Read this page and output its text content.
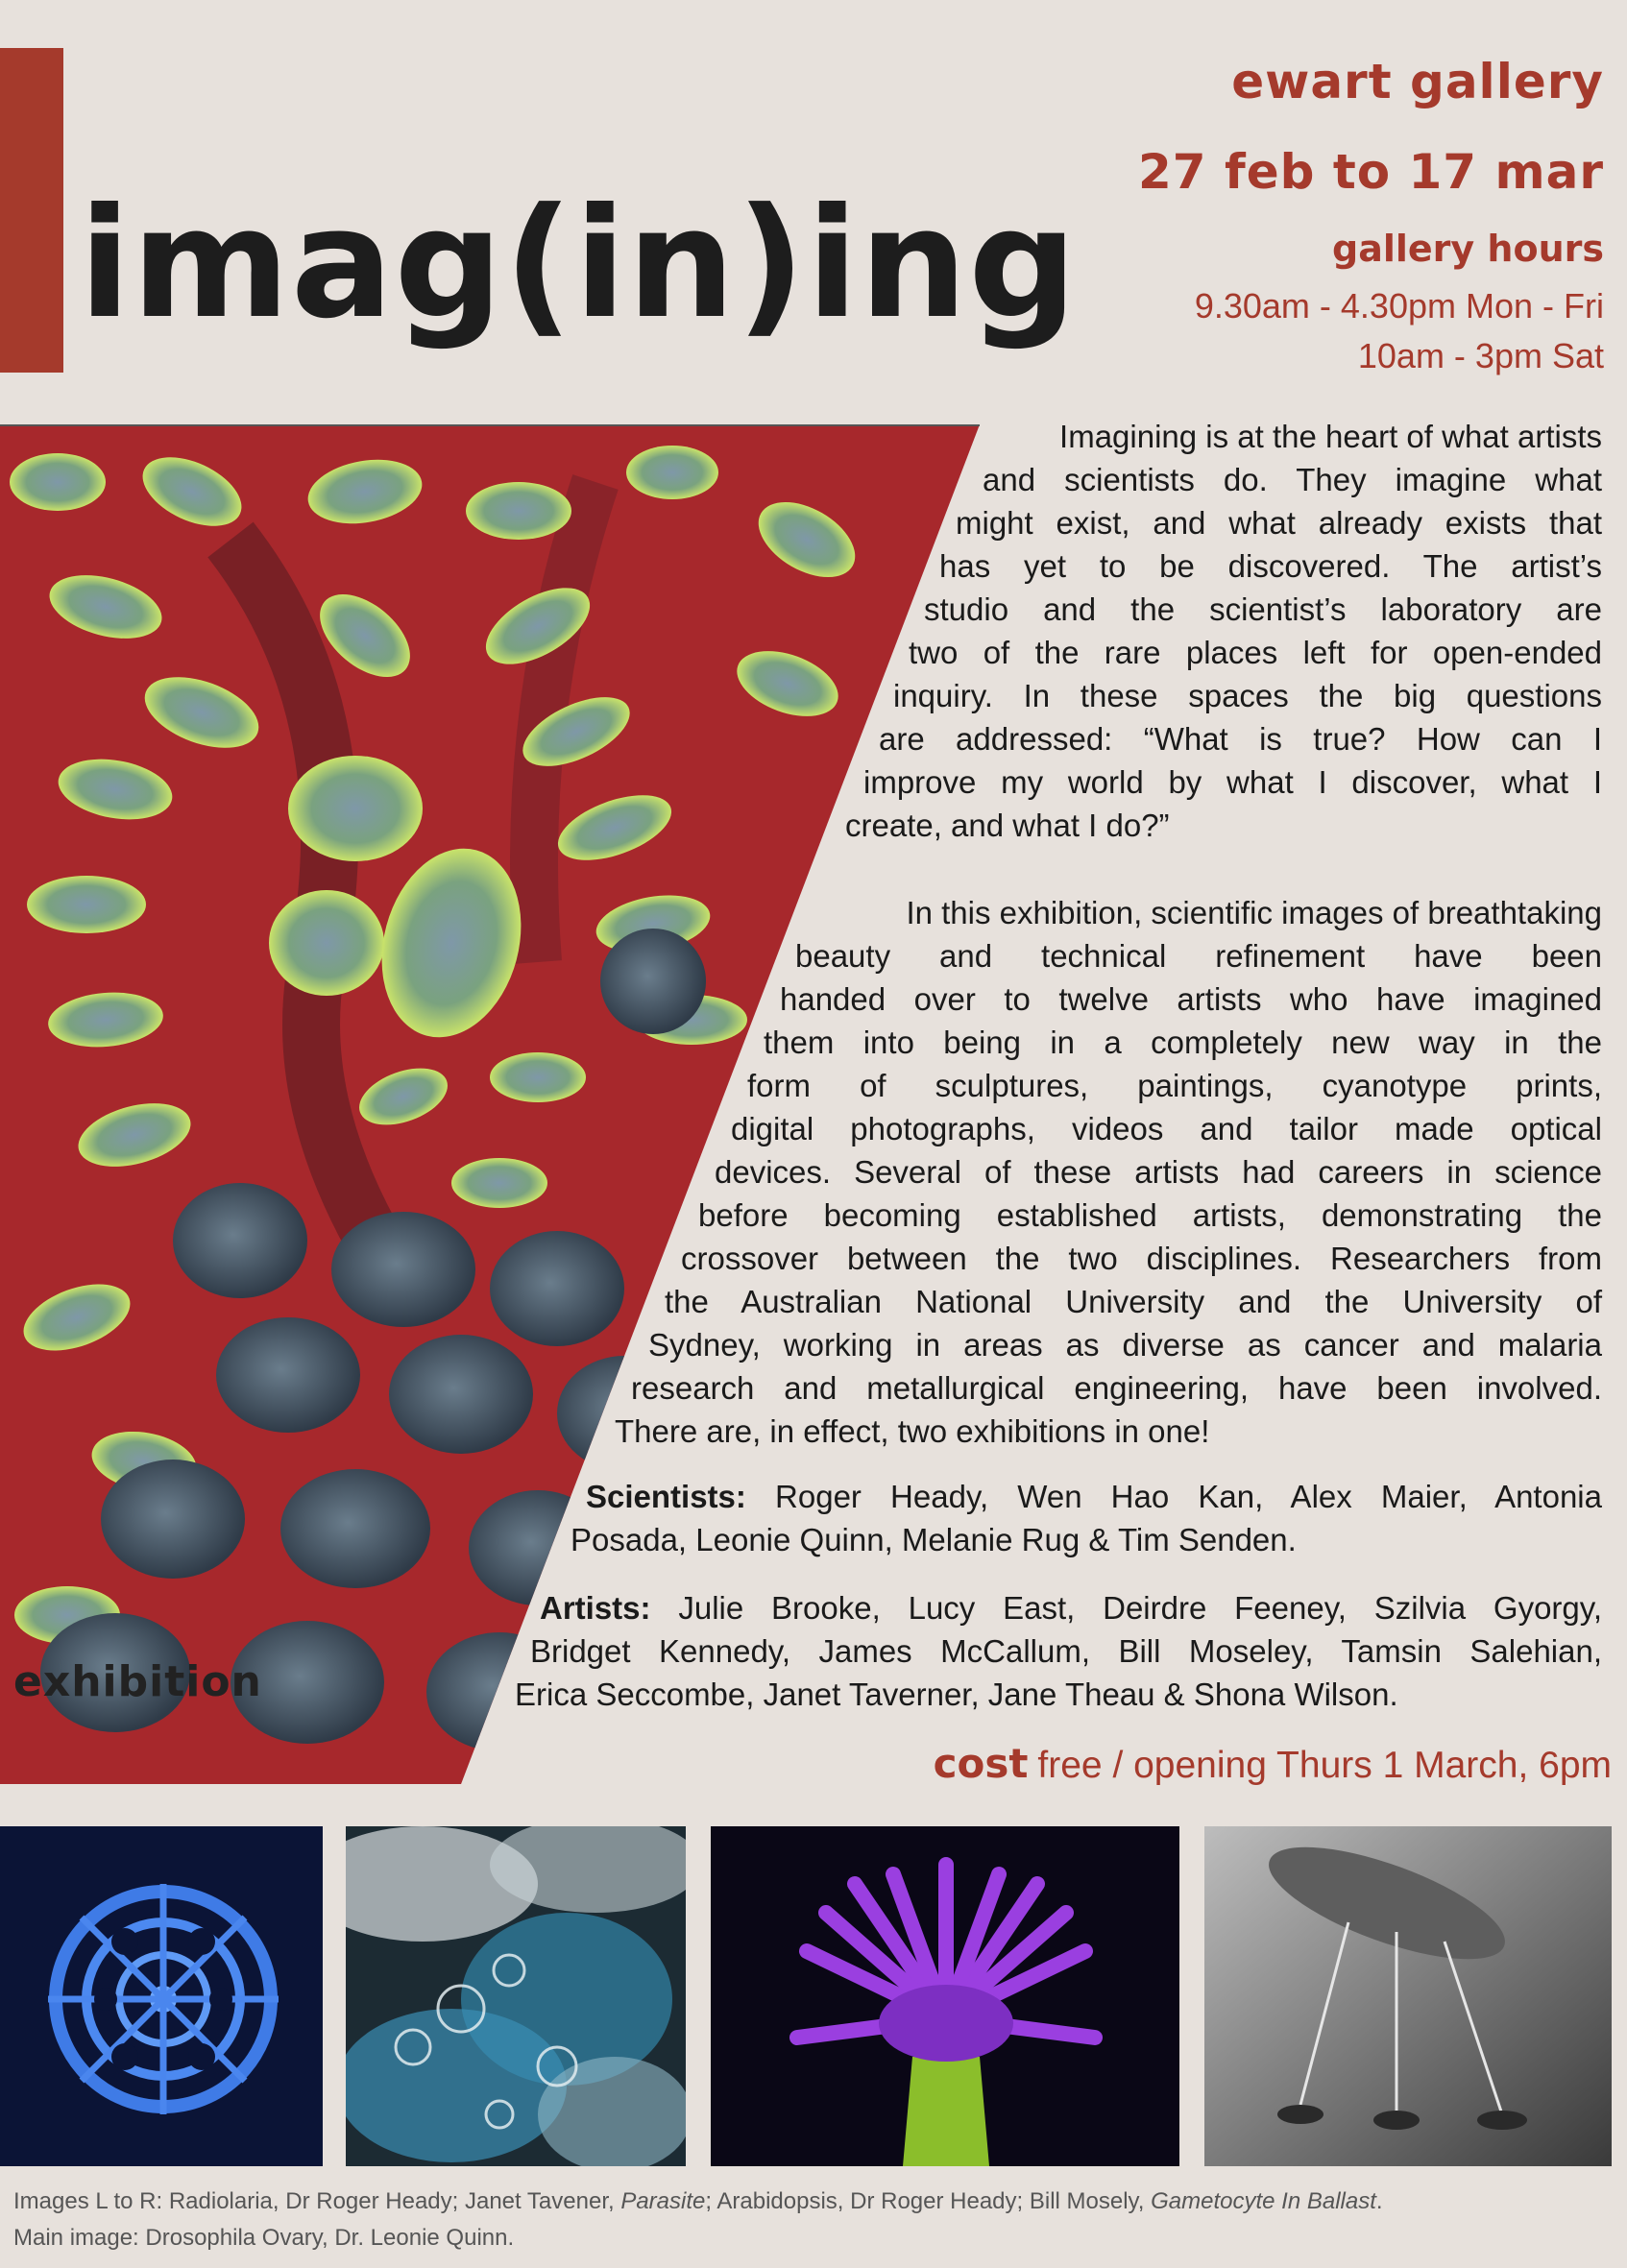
imag(in)ing
ewart gallery
27 feb to 17 mar
gallery hours
9.30am - 4.30pm Mon - Fri
10am - 3pm Sat
exhibition

Imagining is at the heart of what artists
and scientists do. They imagine what
might exist, and what already exists that
has yet to be discovered. The artist’s
studio and the scientist’s laboratory are
two of the rare places left for open-ended
inquiry. In these spaces the big questions
are addressed: “What is true? How can I
improve my world by what I discover, what I
create, and what I do?”

In this exhibition, scientific images of breathtaking
beauty and technical refinement have been
handed over to twelve artists who have imagined
them into being in a completely new way in the
form of sculptures, paintings, cyanotype prints,
digital photographs, videos and tailor made optical
devices. Several of these artists had careers in science
before becoming established artists, demonstrating the
crossover between the two disciplines. Researchers from
the Australian National University and the University of
Sydney, working in areas as diverse as cancer and malaria
research and metallurgical engineering, have been involved.
There are, in effect, two exhibitions in one!

Scientists: Roger Heady, Wen Hao Kan, Alex Maier, Antonia
Posada, Leonie Quinn, Melanie Rug & Tim Senden.

Artists: Julie Brooke, Lucy East, Deirdre Feeney, Szilvia Gyorgy,
Bridget Kennedy, James McCallum, Bill Moseley, Tamsin Salehian,
Erica Seccombe, Janet Taverner, Jane Theau & Shona Wilson.

cost free / opening Thurs 1 March, 6pm
Images L to R: Radiolaria, Dr Roger Heady; Janet Tavener, Parasite; Arabidopsis, Dr Roger Heady; Bill Mosely, Gametocyte In Ballast.
Main image: Drosophila Ovary, Dr. Leonie Quinn.
